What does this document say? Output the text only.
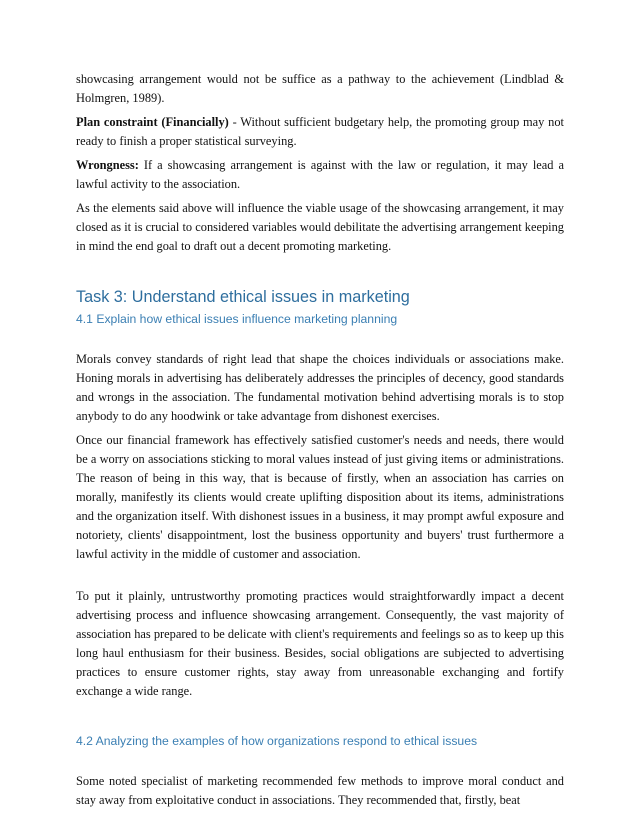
showcasing arrangement would not be suffice as a pathway to the achievement (Lindblad & Holmgren, 1989).

Plan constraint (Financially) - Without sufficient budgetary help, the promoting group may not ready to finish a proper statistical surveying.

Wrongness: If a showcasing arrangement is against with the law or regulation, it may lead a lawful activity to the association.

As the elements said above will influence the viable usage of the showcasing arrangement, it may closed as it is crucial to considered variables would debilitate the advertising arrangement keeping in mind the end goal to draft out a decent promoting marketing.

Task 3: Understand ethical issues in marketing
4.1 Explain how ethical issues influence marketing planning

Morals convey standards of right lead that shape the choices individuals or associations make. Honing morals in advertising has deliberately addresses the principles of decency, good standards and wrongs in the association. The fundamental motivation behind advertising morals is to stop anybody to do any hoodwink or take advantage from dishonest exercises.

Once our financial framework has effectively satisfied customer's needs and needs, there would be a worry on associations sticking to moral values instead of just giving items or administrations. The reason of being in this way, that is because of firstly, when an association has carries on morally, manifestly its clients would create uplifting disposition about its items, administrations and the organization itself. With dishonest issues in a business, it may prompt awful exposure and notoriety, clients' disappointment, lost the business opportunity and buyers' trust furthermore a lawful activity in the middle of customer and association.

To put it plainly, untrustworthy promoting practices would straightforwardly impact a decent advertising process and influence showcasing arrangement. Consequently, the vast majority of association has prepared to be delicate with client's requirements and feelings so as to keep up this long haul enthusiasm for their business. Besides, social obligations are subjected to advertising practices to ensure customer rights, stay away from unreasonable exchanging and fortify exchange a wide range.

4.2 Analyzing the examples of how organizations respond to ethical issues

Some noted specialist of marketing recommended few methods to improve moral conduct and stay away from exploitative conduct in associations. They recommended that, firstly, beat
